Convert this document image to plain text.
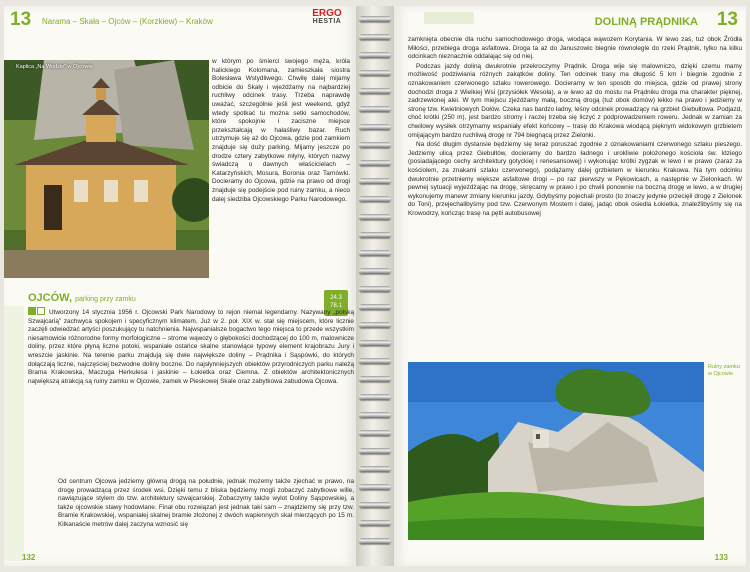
13 Narama – Skała – Ojców – (Korzkiew) – Kraków
ERGO
HESTIA
Kaplica „Na Wodzie” w Ojcowie
w którym po śmierci swojego męża, króla halickiego Kolomana, zamieszkała siostra Bolesława Wstydliwego. Chwilę dalej mijamy odbicie do Skały i wjeżdżamy na najbardziej ruchliwy odcinek trasy. Trzeba naprawdę uważać, szczególnie jeśli jest weekend, gdyż wtedy spotkać tu można setki samochodów, które spokojnie i zaciszne miejsce przekształcają w hałaśliwy bazar. Ruch utrzymuje się aż do Ojcowa, gdzie pod zamkiem znajduje się duży parking. Mijamy jeszcze po drodze cztery zabytkowe młyny, których nazwy świadczą o dawnych właścicielach – Katarzyńskich, Mosura, Boronia oraz Tarnówki. Docieramy do Ojcowa, gdzie na prawo od drogi znajduje się podejście pod ruiny zamku, a nieco dalej siedziba Ojcowskiego Parku Narodowego.
OJCÓW, parking przy zamku	24.3
78.1
Utworzony 14 stycznia 1956 r. Ojcowski Park Narodowy to rejon niemal legendarny. Nazywany „polską Szwajcarią” zachwyca spokojem i specyficznym klimatem. Już w 2. poł. XIX w. stał się miejscem, które licznie zaczęli odwiedzać artyści poszukujący tu natchnienia. Najwspanialsze bogactwo tego miejsca to przede wszystkim niesamowicie różnorodne formy morfologiczne – strome wąwozy o głębokości dochodzącej do 100 m, malownicze doliny, przez które płyną liczne potoki, wspaniałe ostańce skalne stanowiące typowy element krajobrazu Jury i wreszcie jaskinie. Na terenie parku znajdują się dwie największe doliny – Prądnika i Sąspówki, do których dołączają liczne, najczęściej bezwodne doliny boczne. Do najsłynniejszych obiektów przyrodniczych parku należą Brama Krakowska, Maczuga Herkulesa i jaskinie – Łokietka oraz Ciemna. Z obiektów architektonicznych największą atrakcją są ruiny zamku w Ojcowie, zamek w Pieskowej Skale oraz zabytkowa zabudowa Ojcowa.
Od centrum Ojcowa jedziemy główną drogą na południe, jednak możemy także zjechać w prawo, na drogę prowadzącą przez środek wsi. Dzięki temu z bliska będziemy mogli zobaczyć zabytkowe wille, nawiązujące stylem do tzw. architektury szwajcarskiej. Zobaczymy także wylot Doliny Sąspowskiej, a także ojcowskie stawy hodowlane. Finał obu rozwiązań jest jednak taki sam – znajdziemy się przy tzw. Bramie Krakowskiej, wspaniałej skalnej bramie złożonej z dwóch wapiennych skał mierzących po 15 m. Kilkanaście metrów dalej zaczyna wznosić się
132
DOLINĄ PRĄDNIKA 13

zamknięta obecnie dla ruchu samochodowego droga, wiodąca wąwozem Korytania. W lewo zaś, tuż obok Źródła Miłości, przebiega droga asfaltowa. Droga ta aż do Januszowic biegnie równolegle do rzeki Prądnik, tylko na kilku odcinkach nieznacznie oddalając się od niej.

Podczas jazdy doliną dwukrotnie przekroczymy Prądnik. Droga wije się malowniczo, dzięki czemu mamy możliwość podziwiania różnych zakątków doliny. Ten odcinek trasy ma długość 5 km i biegnie zgodnie z oznakowaniem czerwonego szlaku rowerowego. Docieramy w ten sposób do miejsca, gdzie od prawej strony dochodzi droga z Wielkiej Wsi (przysiółek Wesoła), a w lewo aż do mostu na Prądniku droga ma charakter pięknej, zadrzewionej alei. W tym miejscu zjeżdżamy małą, boczną drogą (tuż obok domów) lekko na prawo i jedziemy w stronę tzw. Kwietniowych Dołów. Czeka nas bardzo ładny, leśny odcinek prowadzący na grzbiet Giebułtowa. Podjazd, choć krótki (250 m), jest bardzo stromy i raczej trzeba się liczyć z podprowadzeniem roweru. Jednak w zamian za chwilowy wysiłek otrzymamy wspaniały efekt końcowy – trasę do Krakowa wiodącą pięknym widokowym grzbietem omijającym bardzo ruchliwą drogę nr 794 biegnącą przez Zielonki.

Na dość długim dystansie będziemy się teraz poruszać zgodnie z oznakowaniami czerwonego szlaku pieszego. Jedziemy ulicą przez Giebułtów, docieramy do bardzo ładnego i urokliwie położonego kościoła św. Idziego (posiadającego cechy architektury gotyckiej i renesansowej) i wykonując krótki zygzak w lewo i w prawo (zaraz za kościołem, za znakami szlaku czerwonego), podążamy dalej grzbietem w kierunku Krakowa. Na tym odcinku dwukrotnie przetniemy większe asfaltowe drogi – po raz pierwszy w Pękowicach, a następnie w Zielonkach. W pewnej sytuacji wyjeżdżając na drogę, skręcamy w prawo i po chwili ponownie na boczną drogę w lewo, a w drugiej wykonujemy manewr zmiany kierunku jazdy. Gdybyśmy pojechali prosto (to znaczy jedynie przecięli drogę z Zielonek do Toni), przejechalibyśmy pod tzw. Czerwonym Mostem i dalej, jadąc obok osiedla Łokietka, znaleźlibyśmy się na Krowodrzy, kończąc trasę na pętli autobusowej

Ruiny zamku w Ojcowie
133
